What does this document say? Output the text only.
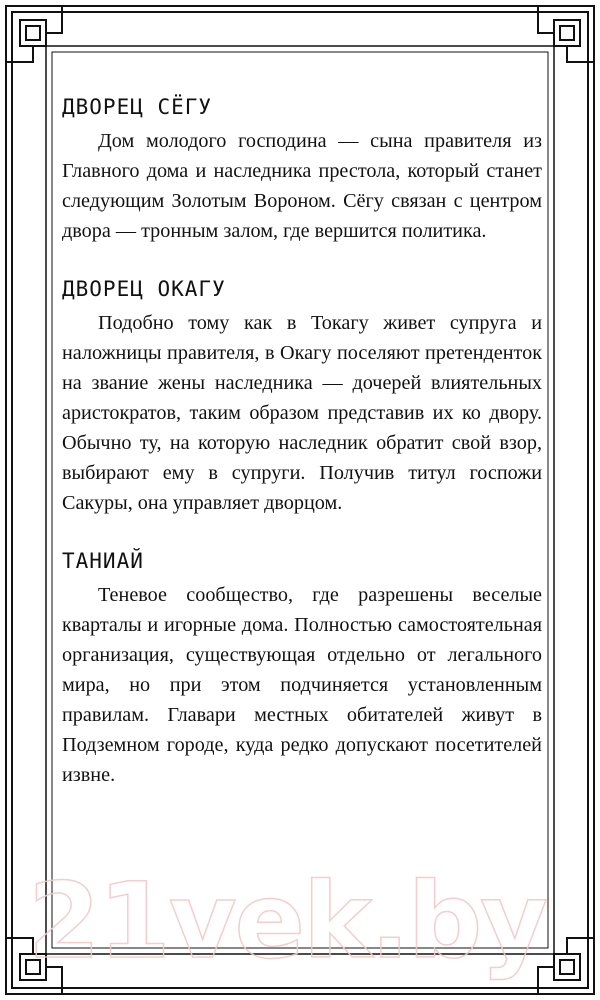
21vek.by
ДВОРЕЦ СЁГУ

Дом молодого господина — сына правителя из Главного дома и наследника престола, который станет следующим Золотым Вороном. Сёгу связан с центром двора — тронным залом, где вершится политика.

ДВОРЕЦ ОКАГУ

Подобно тому как в Токагу живет супруга и наложницы правителя, в Окагу поселяют претенденток на звание жены наследника — дочерей влиятельных аристократов, таким образом представив их ко двору. Обычно ту, на которую наследник обратит свой взор, выбирают ему в супруги. Получив титул госпожи Сакуры, она управляет дворцом.

ТАНИАЙ

Теневое сообщество, где разрешены веселые кварталы и игорные дома. Полностью самостоятельная организация, существующая отдельно от легального мира, но при этом подчиняется установленным правилам. Главари местных обитателей живут в Подземном городе, куда редко допускают посетителей извне.
